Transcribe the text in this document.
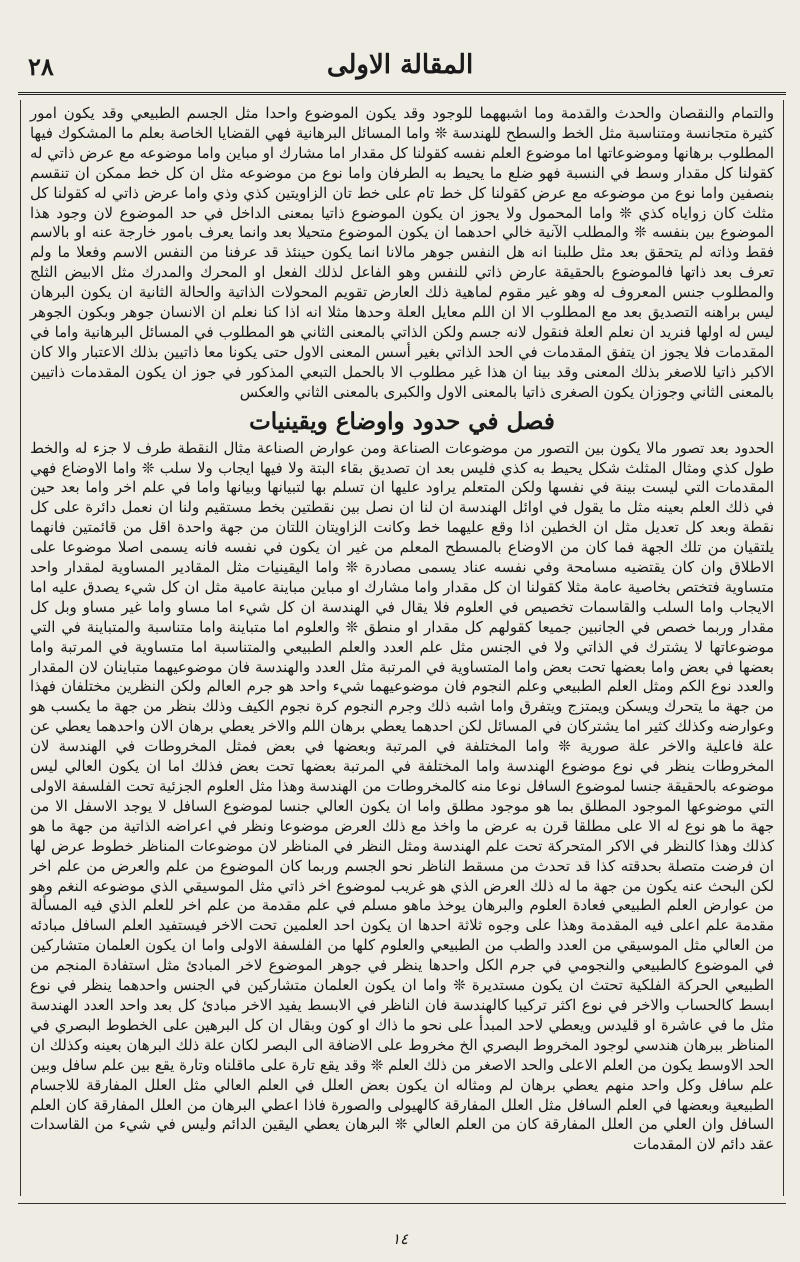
٢٨	المقالة الاولى

والتمام والنقصان والحدث والقدمة وما اشبههما للوجود وقد يكون الموضوع واحدا مثل الجسم الطبيعي وقد يكون امور كثيرة متجانسة ومتناسبة مثل الخط والسطح للهندسة ❊ واما المسائل البرهانية فهي القضايا الخاصة بعلم ما المشكوك فيها المطلوب برهانها وموضوعاتها اما موضوع العلم نفسه كقولنا كل مقدار اما مشارك او مباين واما موضوعه مع عرض ذاتي له كقولنا كل مقدار وسط في النسبة فهو ضلع ما يحيط به الطرفان واما نوع من موضوعه مثل ان كل خط ممكن ان تنقسم بنصفين واما نوع من موضوعه مع عرض كقولنا كل خط تام على خط تان الزاويتين كذي وذي واما عرض ذاتي له كقولنا كل مثلث كان زواياه كذي ❊ واما المحمول ولا يجوز ان يكون الموضوع ذاتيا بمعنى الداخل في حد الموضوع لان وجود هذا الموضوع بين بنفسه ❊ والمطلب الآنية خالي احدهما ان يكون الموضوع متحيلا بعد وانما يعرف بامور خارجة عنه او بالاسم فقط وذاته لم يتحقق بعد مثل طلبنا انه هل النفس جوهر مالانا انما يكون حينئذ قد عرفنا من النفس الاسم وفعلا ما ولم تعرف بعد ذاتها فالموضوع بالحقيقة عارض ذاتي للنفس وهو الفاعل لذلك الفعل او المحرك والمدرك مثل الابيض الثلج والمطلوب جنس المعروف له وهو غير مقوم لماهية ذلك العارض تقويم المحولات الذاتية والحالة الثانية ان يكون البرهان ليس براهنه التصديق بعد مع المطلوب الا ان اللم معايل العلة وحدها مثلا انه اذا كنا نعلم ان الانسان جوهر وبكون الجوهر ليس له اولها فنريد ان نعلم العلة فنقول لانه جسم ولكن الذاتي بالمعنى الثاني هو المطلوب في المسائل البرهانية واما في المقدمات فلا يجوز ان يتفق المقدمات في الحد الذاتي بغير أسس المعنى الاول حتى يكونا معا ذاتيين بذلك الاعتبار والا كان الاكبر ذاتيا للاصغر بذلك المعنى وقد بينا ان هذا غير مطلوب الا بالحمل التبعي المذكور في جوز ان يكون المقدمات ذاتيين بالمعنى الثاني وجوزان يكون الصغرى ذاتيا بالمعنى الاول والكبرى بالمعنى الثاني والعكس

فصل في حدود واوضاع ويقينيات

الحدود بعد تصور مالا يكون بين التصور من موضوعات الصناعة ومن عوارض الصناعة مثال النقطة طرف لا جزء له والخط طول كذي ومثال المثلث شكل يحيط به كذي فليس بعد ان تصديق بقاء البتة ولا فيها ايجاب ولا سلب ❊ واما الاوضاع فهي المقدمات التي ليست بينة في نفسها ولكن المتعلم يراود عليها ان تسلم بها لتبيانها وبيانها واما في علم اخر واما بعد حين في ذلك العلم بعينه مثل ما يقول في اوائل الهندسة ان لنا ان نصل بين نقطتين بخط مستقيم ولنا ان نعمل دائرة على كل نقطة وبعد كل تعديل مثل ان الخطين اذا وقع عليهما خط وكانت الزاويتان اللتان من جهة واحدة اقل من قائمتين فانهما يلتقيان من تلك الجهة فما كان من الاوضاع بالمسطح المعلم من غير ان يكون في نفسه فانه يسمى اصلا موضوعا على الاطلاق وان كان يقتضيه مسامحة وفي نفسه عناد يسمى مصادرة ❊ واما اليقينيات مثل المقادير المساوية لمقدار واحد متساوية فتختص بخاصية عامة مثلا كقولنا ان كل مقدار واما مشارك او مباين مباينة عامية مثل ان كل شيء يصدق عليه اما الايجاب واما السلب والقاسمات تخصيص في العلوم فلا يقال في الهندسة ان كل شيء اما مساو واما غير مساو وبل كل مقدار وربما خصص في الجانبين جميعا كقولهم كل مقدار او منطق ❊ والعلوم اما متباينة واما متناسبة والمتباينة في التي موضوعاتها لا يشترك في الذاتي ولا في الجنس مثل علم العدد والعلم الطبيعي والمتناسبة اما متساوية في المرتبة واما بعضها في بعض واما بعضها تحت بعض واما المتساوية في المرتبة مثل العدد والهندسة فان موضوعيهما متباينان لان المقدار والعدد نوع الكم ومثل العلم الطبيعي وعلم النجوم فان موضوعيهما شيء واحد هو جرم العالم ولكن النظرين مختلفان فهذا من جهة ما يتحرك ويسكن ويمتزج ويتفرق واما اشبه ذلك وجرم النجوم كرة نجوم الكيف وذلك بنظر من جهة ما يكسب هو وعوارضه وكذلك كثير اما يشتركان في المسائل لكن احدهما يعطي برهان اللم والاخر يعطي برهان الان واحدهما يعطي عن علة فاعلية والاخر علة صورية ❊ واما المختلفة في المرتبة وبعضها في بعض فمثل المخروطات في الهندسة لان المخروطات ينظر في نوع موضوع الهندسة واما المختلفة في المرتبة بعضها تحت بعض فذلك اما ان يكون العالي ليس موضوعه بالحقيقة جنسا لموضوع السافل نوعا منه كالمخروطات من الهندسة وهذا مثل العلوم الجزئية تحت الفلسفة الاولى التي موضوعها الموجود المطلق بما هو موجود مطلق واما ان يكون العالي جنسا لموضوع السافل لا يوجد الاسفل الا من جهة ما هو نوع له الا على مطلقا قرن به عرض ما واخذ مع ذلك العرض موضوعا ونظر في اعراضه الذاتية من جهة ما هو كذلك وهذا كالنظر في الاكر المتحركة تحت علم الهندسة ومثل النظر في المناظر لان موضوعات المناظر خطوط عرض لها ان فرضت متصلة بحدقته كذا قد تحدث من مسقط الناظر نحو الجسم وربما كان الموضوع من علم والعرض من علم اخر لكن البحث عنه يكون من جهة ما له ذلك العرض الذي هو غريب لموضوع اخر ذاتي مثل الموسيقي الذي موضوعه النغم وهو من عوارض العلم الطبيعي فعادة العلوم والبرهان يوخذ ماهو مسلم في علم مقدمة من علم اخر للعلم الذي فيه المسألة مقدمة علم اعلى فيه المقدمة وهذا على وجوه ثلاثة احدها ان يكون احد العلمين تحت الاخر فيستفيد العلم السافل مبادئه من العالي مثل الموسيقي من العدد والطب من الطبيعي والعلوم كلها من الفلسفة الاولى واما ان يكون العلمان متشاركين في الموضوع كالطبيعي والنجومي في جرم الكل واحدها ينظر في جوهر الموضوع لاخر المبادئ مثل استفادة المنجم من الطبيعي الحركة الفلكية تحتث ان يكون مستديرة ❊ واما ان يكون العلمان متشاركين في الجنس واحدهما ينظر في نوع ابسط كالحساب والاخر في نوع اكثر تركيبا كالهندسة فان الناظر في الابسط يفيد الاخر مبادئ كل بعد واحد العدد الهندسة مثل ما في عاشرة او قليدس ويعطي لاحد المبدأ على نحو ما ذاك او كون وبقال ان كل البرهين على الخطوط البصري في المناظر ببرهان هندسي لوجود المخروط البصري الخ مخروط على الاضافة الى البصر لكان علة ذلك البرهان بعينه وكذلك ان الحد الاوسط يكون من العلم الاعلى والحد الاصغر من ذلك العلم ❊ وقد يقع تارة على ماقلناه وتارة يقع بين علم سافل وبين علم سافل وكل واحد منهم يعطي برهان لم ومثاله ان يكون بعض العلل في العلم العالي مثل العلل المفارقة للاجسام الطبيعية وبعضها في العلم السافل مثل العلل المفارقة كالهيولى والصورة فاذا اعطي البرهان من العلل المفارقة كان العلم السافل وان العلي من العلل المفارقة كان من العلم العالي ❊ البرهان يعطي اليقين الدائم وليس في شيء من القاسدات عقد دائم لان المقدمات

١٤
